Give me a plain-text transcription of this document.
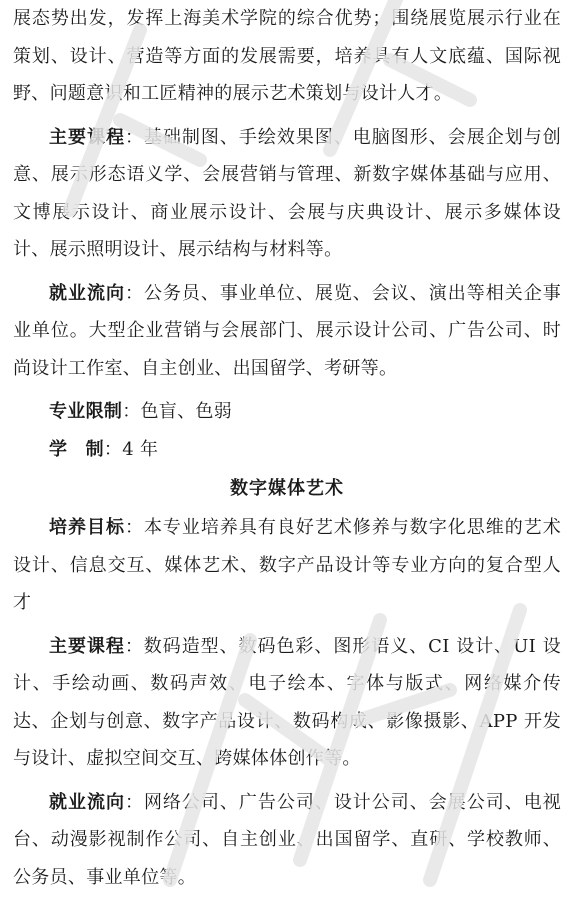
展态势出发，发挥上海美术学院的综合优势；围绕展览展示行业在策划、设计、营造等方面的发展需要，培养具有人文底蕴、国际视野、问题意识和工匠精神的展示艺术策划与设计人才。

主要课程：基础制图、手绘效果图、电脑图形、会展企划与创意、展示形态语义学、会展营销与管理、新数字媒体基础与应用、文博展示设计、商业展示设计、会展与庆典设计、展示多媒体设计、展示照明设计、展示结构与材料等。

就业流向：公务员、事业单位、展览、会议、演出等相关企事业单位。大型企业营销与会展部门、展示设计公司、广告公司、时尚设计工作室、自主创业、出国留学、考研等。

专业限制：色盲、色弱

学　制：4 年

数字媒体艺术

培养目标：本专业培养具有良好艺术修养与数字化思维的艺术设计、信息交互、媒体艺术、数字产品设计等专业方向的复合型人才

主要课程：数码造型、数码色彩、图形语义、CI 设计、UI 设计、手绘动画、数码声效、电子绘本、字体与版式、网络媒介传达、企划与创意、数字产品设计、数码构成、影像摄影、APP 开发与设计、虚拟空间交互、跨媒体体创作等。

就业流向：网络公司、广告公司、设计公司、会展公司、电视台、动漫影视制作公司、自主创业、出国留学、直研、学校教师、公务员、事业单位等。
